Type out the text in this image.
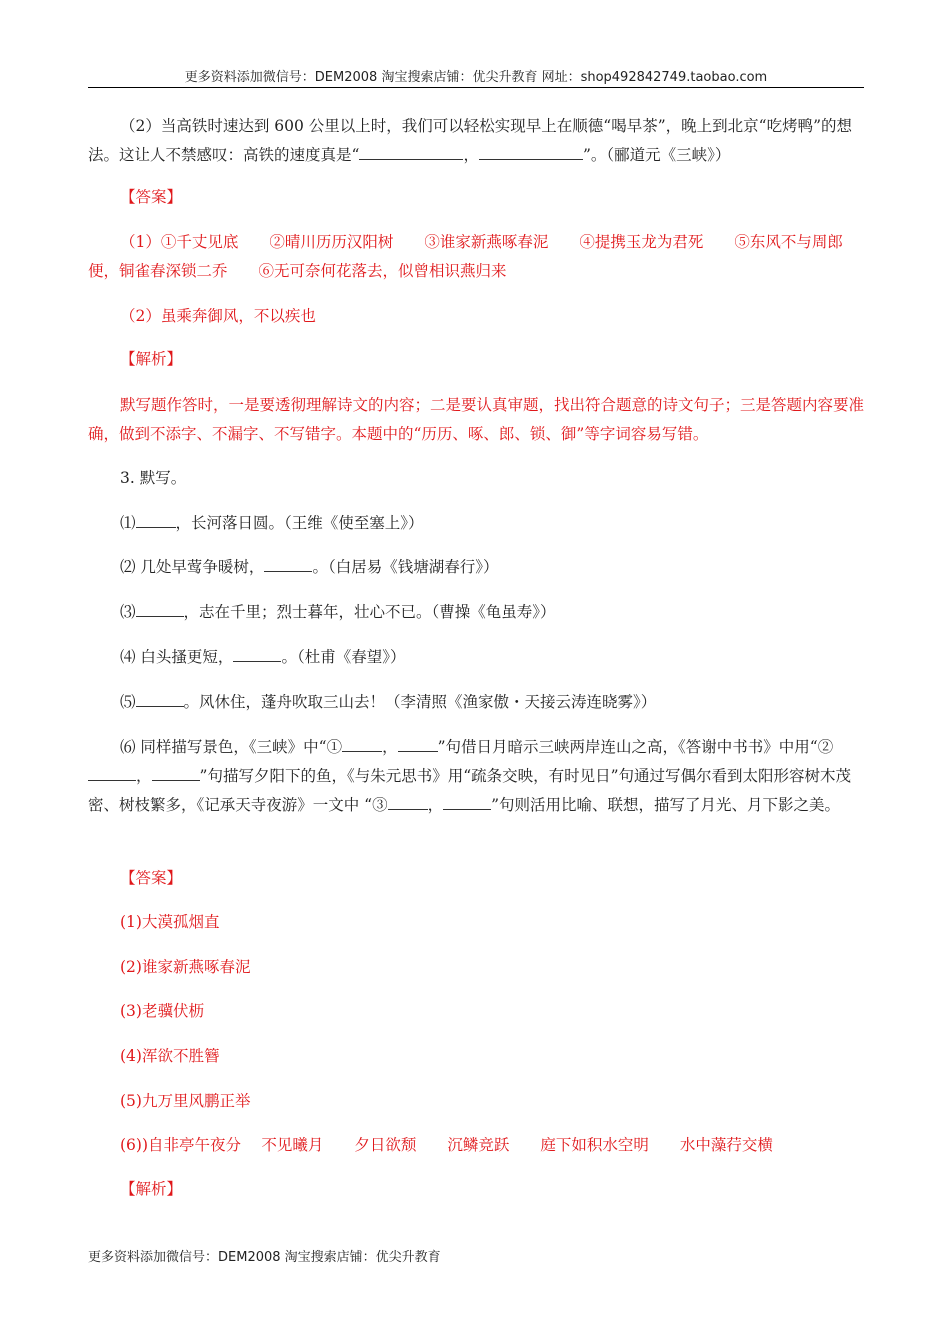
更多资料添加微信号：DEM2008 淘宝搜索店铺：优尖升教育 网址：shop492842749.taobao.com

（2）当高铁时速达到 600 公里以上时，我们可以轻松实现早上在顺德“喝早茶”，晚上到北京“吃烤鸭”的想法。这让人不禁感叹：高铁的速度真是“	，	”。（郦道元《三峡》）

【答案】

（1）①千丈见底　　②晴川历历汉阳树　　③谁家新燕啄春泥　　④提携玉龙为君死　　⑤东风不与周郎便，铜雀春深锁二乔　　⑥无可奈何花落去，似曾相识燕归来

（2）虽乘奔御风，不以疾也

【解析】

默写题作答时，一是要透彻理解诗文的内容；二是要认真审题，找出符合题意的诗文句子；三是答题内容要准确，做到不添字、不漏字、不写错字。本题中的“历历、啄、郎、锁、御”等字词容易写错。

3. 默写。

⑴	，长河落日圆。（王维《使至塞上》）

⑵ 几处早莺争暖树，	。（白居易《钱塘湖春行》）

⑶	，志在千里；烈士暮年，壮心不已。（曹操《龟虽寿》）

⑷ 白头搔更短，	。（杜甫《春望》）

⑸	。风休住，蓬舟吹取三山去！（李清照《渔家傲・天接云涛连晓雾》）

⑹ 同样描写景色，《三峡》中“①	，	”句借日月暗示三峡两岸连山之高，《答谢中书书》中用“②，	”句描写夕阳下的鱼，《与朱元思书》用“疏条交映，有时见日”句通过写偶尔看到太阳形容树木茂密、树枝繁多，《记承天寺夜游》一文中 “③	，	”句则活用比喻、联想，描写了月光、月下影之美。

【答案】

(1)大漠孤烟直

(2)谁家新燕啄春泥

(3)老骥伏枥

(4)浑欲不胜簪

(5)九万里风鹏正举

(6))自非亭午夜分　 不见曦月　　夕日欲颓　　沉鳞竞跃　　庭下如积水空明　　水中藻荇交横

【解析】
更多资料添加微信号：DEM2008 淘宝搜索店铺：优尖升教育
